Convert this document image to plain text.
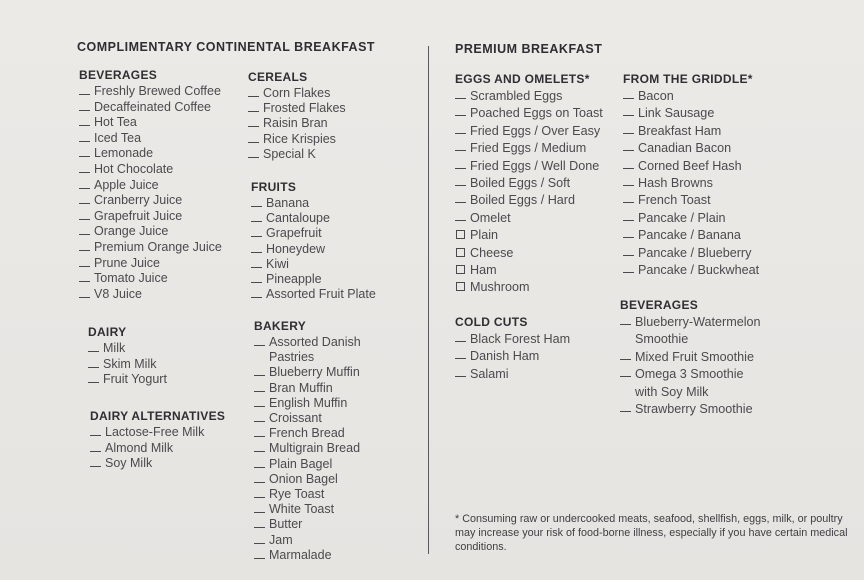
COMPLIMENTARY CONTINENTAL BREAKFAST
BEVERAGES
Freshly Brewed Coffee
Decaffeinated Coffee
Hot Tea
Iced Tea
Lemonade
Hot Chocolate
Apple Juice
Cranberry Juice
Grapefruit Juice
Orange Juice
Premium Orange Juice
Prune Juice
Tomato Juice
V8 Juice
DAIRY
Milk
Skim Milk
Fruit Yogurt
DAIRY ALTERNATIVES
Lactose-Free Milk
Almond Milk
Soy Milk
CEREALS
Corn Flakes
Frosted Flakes
Raisin Bran
Rice Krispies
Special K
FRUITS
Banana
Cantaloupe
Grapefruit
Honeydew
Kiwi
Pineapple
Assorted Fruit Plate
BAKERY
Assorted Danish
Pastries
Blueberry Muffin
Bran Muffin
English Muffin
Croissant
French Bread
Multigrain Bread
Plain Bagel
Onion Bagel
Rye Toast
White Toast
Butter
Jam
Marmalade
PREMIUM BREAKFAST
EGGS AND OMELETS*
Scrambled Eggs
Poached Eggs on Toast
Fried Eggs / Over Easy
Fried Eggs / Medium
Fried Eggs / Well Done
Boiled Eggs / Soft
Boiled Eggs / Hard
Omelet
Plain
Cheese
Ham
Mushroom
COLD CUTS
Black Forest Ham
Danish Ham
Salami
FROM THE GRIDDLE*
Bacon
Link Sausage
Breakfast Ham
Canadian Bacon
Corned Beef Hash
Hash Browns
French Toast
Pancake / Plain
Pancake / Banana
Pancake / Blueberry
Pancake / Buckwheat
BEVERAGES
Blueberry-Watermelon
Smoothie
Mixed Fruit Smoothie
Omega 3 Smoothie
with Soy Milk
Strawberry Smoothie

* Consuming raw or undercooked meats, seafood, shellfish, eggs, milk, or poultry may increase your risk of food-borne illness, especially if you have certain medical conditions.
